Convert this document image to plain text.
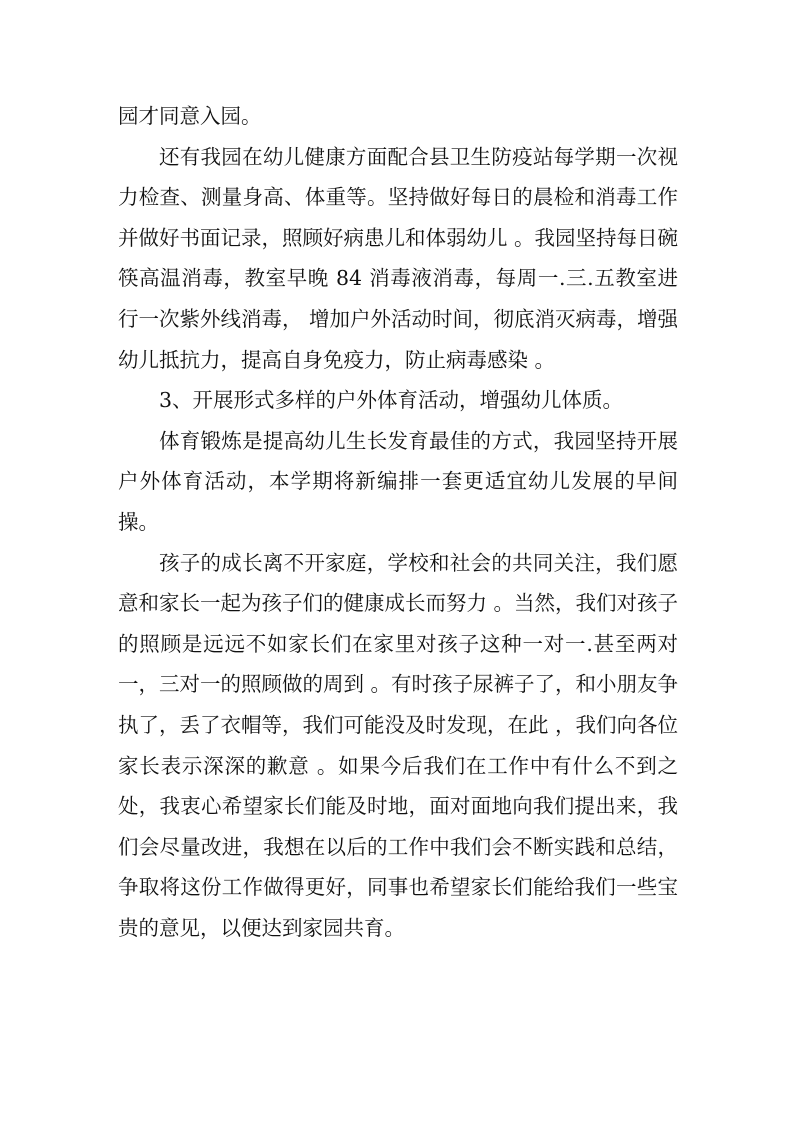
园才同意入园。

还有我园在幼儿健康方面配合县卫生防疫站每学期一次视力检查、测量身高、体重等。坚持做好每日的晨检和消毒工作并做好书面记录，照顾好病患儿和体弱幼儿 。我园坚持每日碗筷高温消毒，教室早晚 84 消毒液消毒，每周一.三.五教室进行一次紫外线消毒， 增加户外活动时间，彻底消灭病毒，增强幼儿抵抗力，提高自身免疫力，防止病毒感染 。

3、开展形式多样的户外体育活动，增强幼儿体质。

体育锻炼是提高幼儿生长发育最佳的方式，我园坚持开展户外体育活动，本学期将新编排一套更适宜幼儿发展的早间操。

孩子的成长离不开家庭，学校和社会的共同关注，我们愿意和家长一起为孩子们的健康成长而努力 。当然，我们对孩子的照顾是远远不如家长们在家里对孩子这种一对一.甚至两对一，三对一的照顾做的周到 。有时孩子尿裤子了，和小朋友争执了，丢了衣帽等，我们可能没及时发现，在此 ，我们向各位家长表示深深的歉意 。如果今后我们在工作中有什么不到之处，我衷心希望家长们能及时地，面对面地向我们提出来，我们会尽量改进，我想在以后的工作中我们会不断实践和总结，争取将这份工作做得更好，同事也希望家长们能给我们一些宝贵的意见，以便达到家园共育。
